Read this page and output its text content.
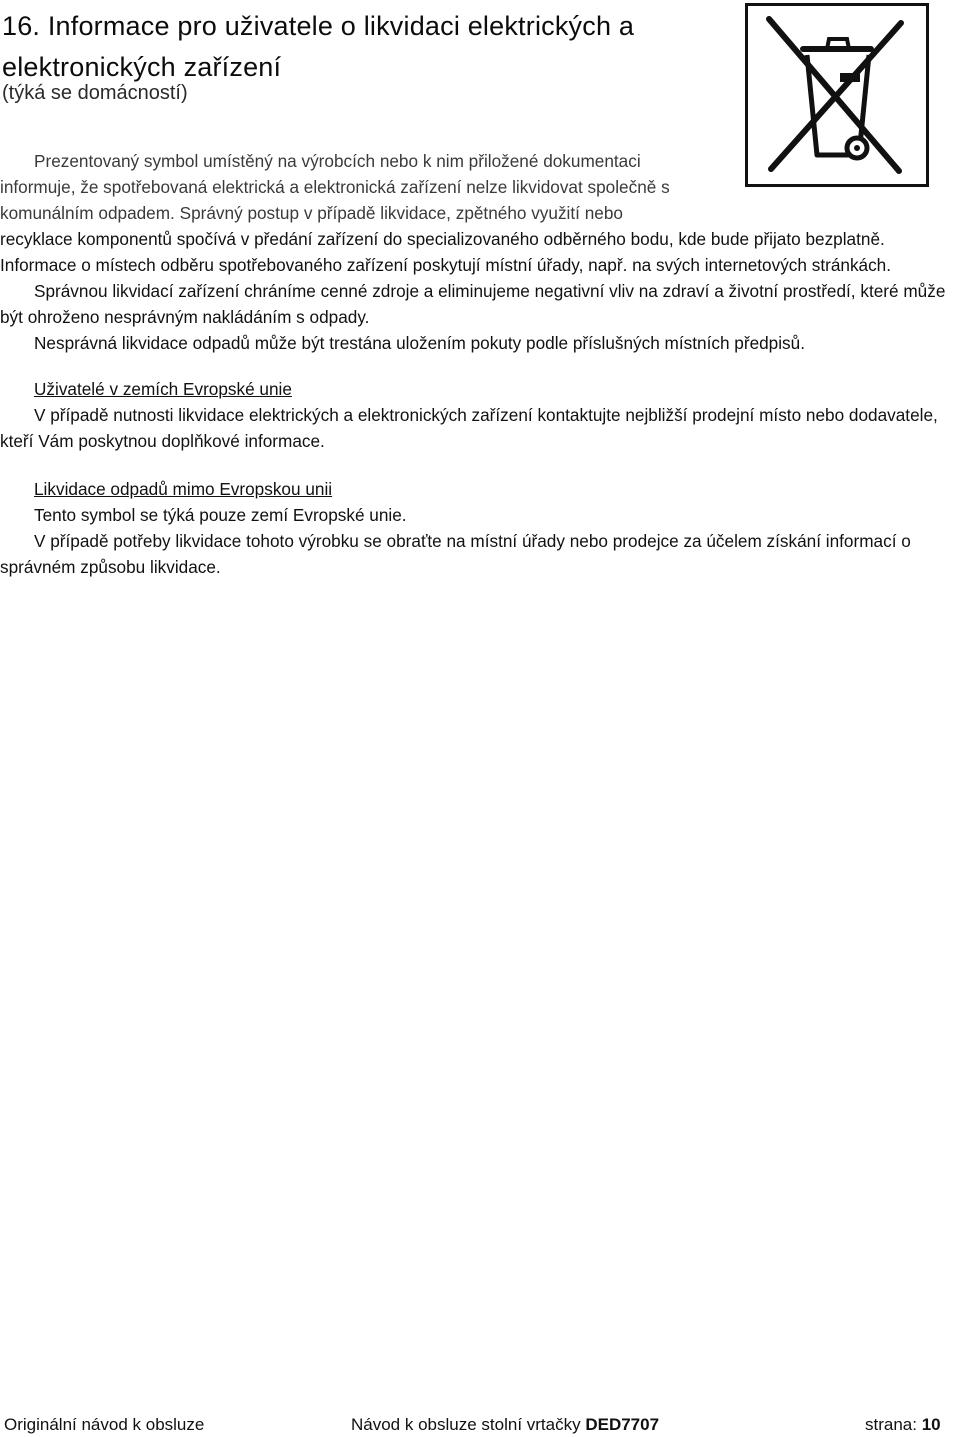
16. Informace pro uživatele o likvidaci elektrických a elektronických zařízení
(týká se domácností)

Prezentovaný symbol umístěný na výrobcích nebo k nim přiložené dokumentaci

informuje, že spotřebovaná elektrická a elektronická zařízení nelze likvidovat společně s

komunálním odpadem. Správný postup v případě likvidace, zpětného využití nebo

recyklace komponentů spočívá v předání zařízení do specializovaného odběrného bodu, kde bude přijato bezplatně.

Informace o místech odběru spotřebovaného zařízení poskytují místní úřady, např. na svých internetových stránkách.

Správnou likvidací zařízení chráníme cenné zdroje a eliminujeme negativní vliv na zdraví a životní prostředí, které může

být ohroženo nesprávným nakládáním s odpady.

Nesprávná likvidace odpadů může být trestána uložením pokuty podle příslušných místních předpisů.

Uživatelé v zemích Evropské unie

V případě nutnosti likvidace elektrických a elektronických zařízení kontaktujte nejbližší prodejní místo nebo dodavatele,

kteří Vám poskytnou doplňkové informace.

Likvidace odpadů mimo Evropskou unii

Tento symbol se týká pouze zemí Evropské unie.

V případě potřeby likvidace tohoto výrobku se obraťte na místní úřady nebo prodejce za účelem získání informací o

správném způsobu likvidace.

Originální návod k obsluze	Návod k obsluze stolní vrtačky DED7707	strana: 10
